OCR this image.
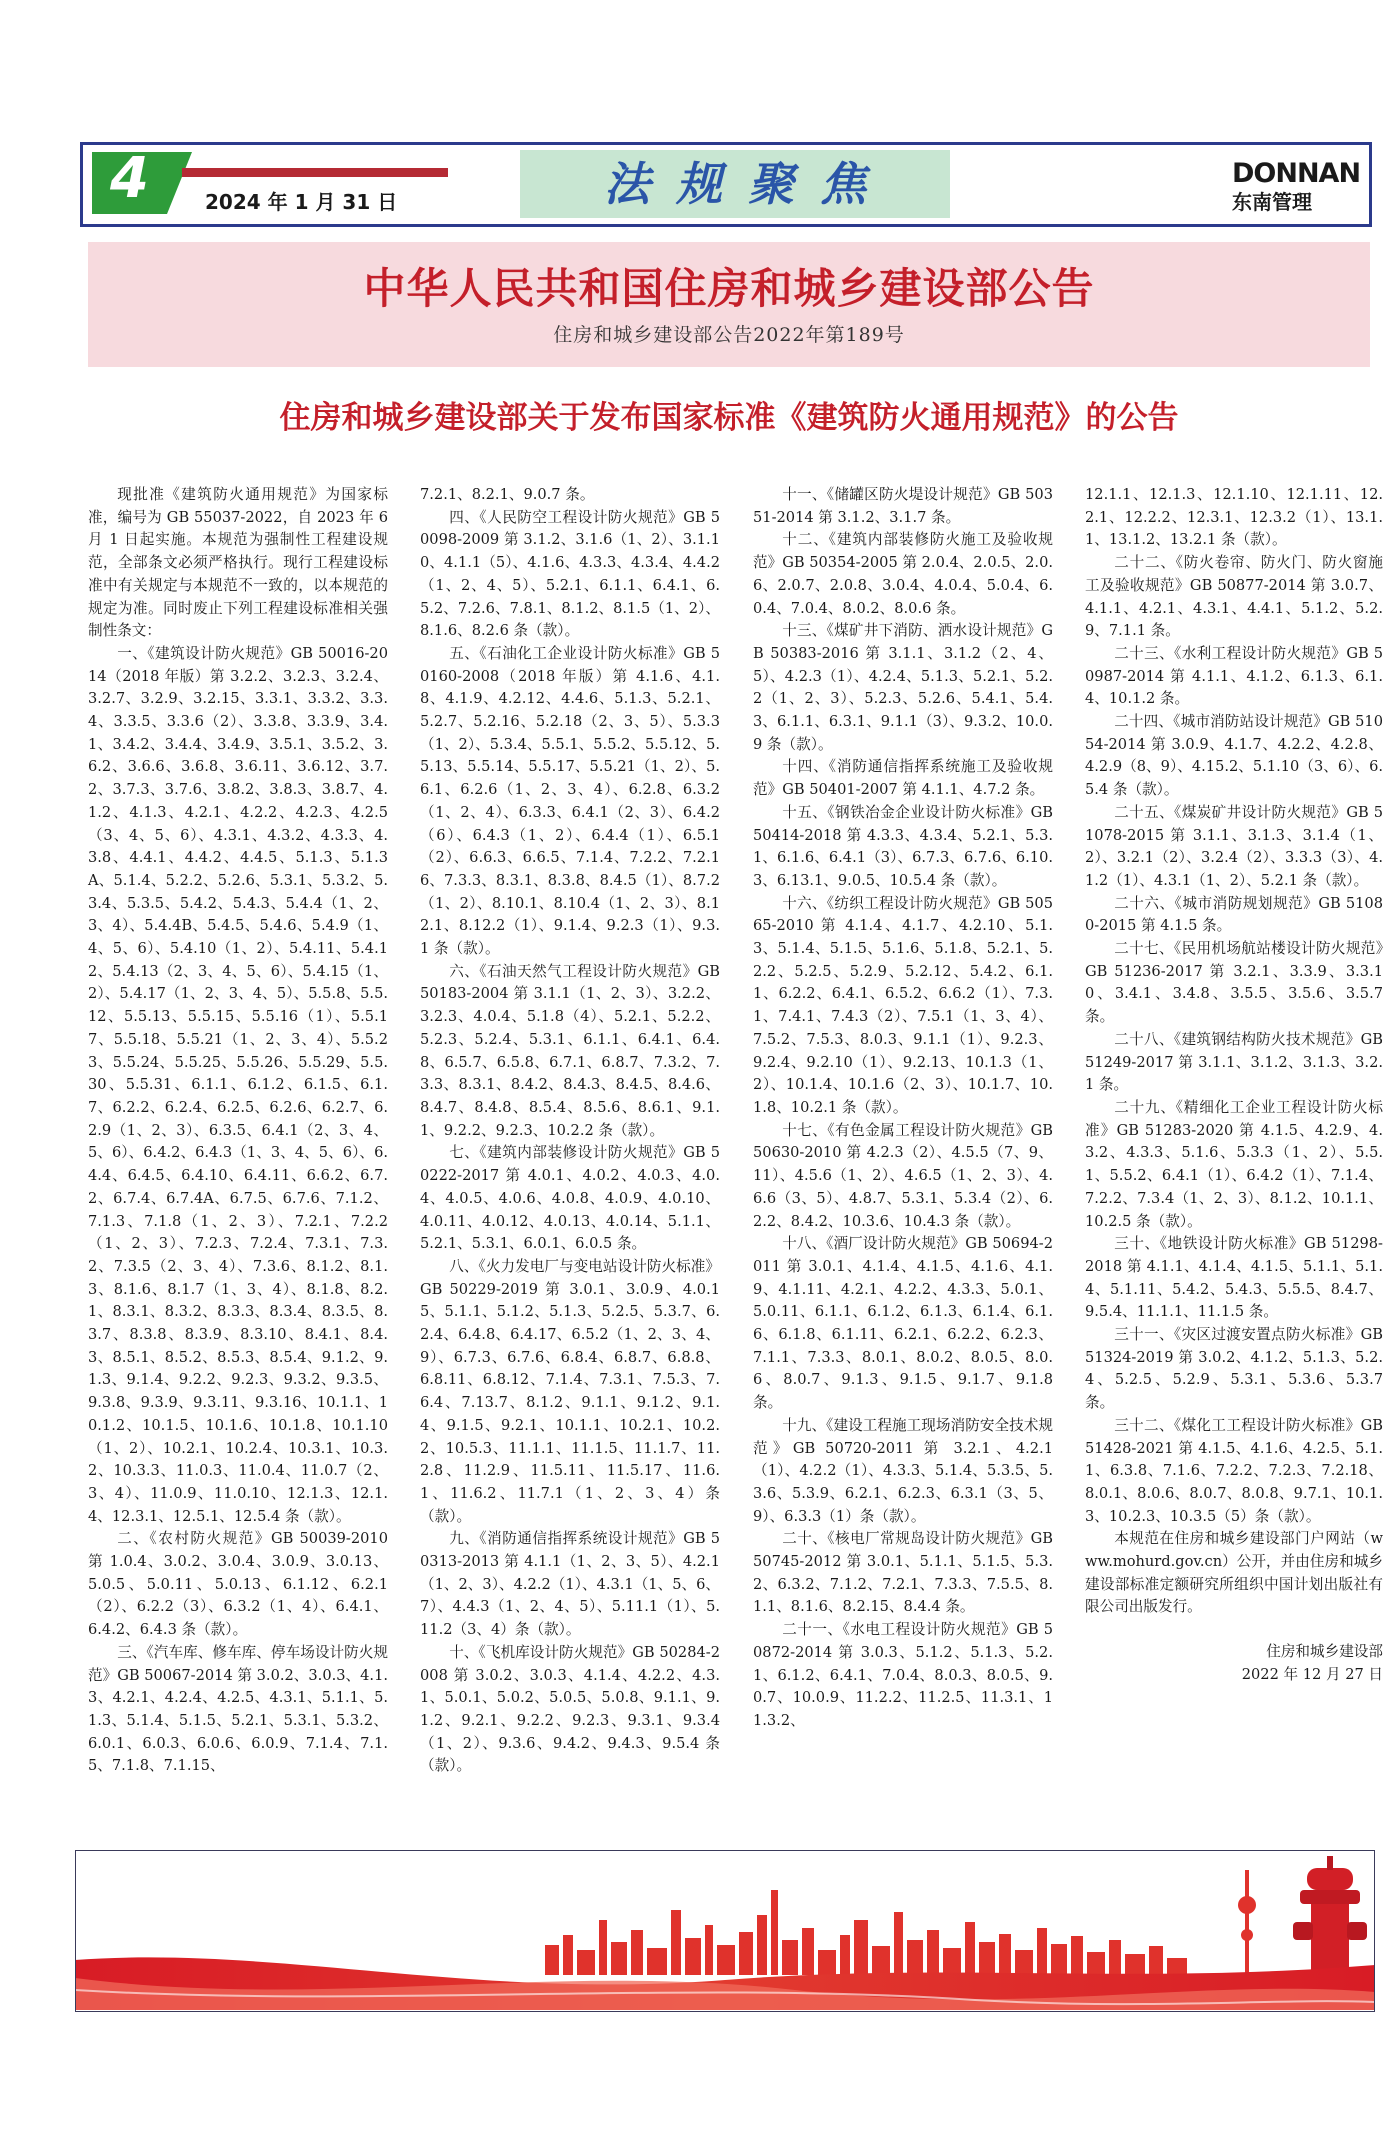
4	2024 年 1 月 31 日	法规聚焦	DONNAN
东南管理
中华人民共和国住房和城乡建设部公告
住房和城乡建设部公告2022年第189号
住房和城乡建设部关于发布国家标准《建筑防火通用规范》的公告

现批准《建筑防火通用规范》为国家标准，编号为 GB 55037-2022，自 2023 年 6 月 1 日起实施。本规范为强制性工程建设规范，全部条文必须严格执行。现行工程建设标准中有关规定与本规范不一致的，以本规范的规定为准。同时废止下列工程建设标准相关强制性条文：

一、《建筑设计防火规范》GB 50016-2014（2018 年版）第 3.2.2、3.2.3、3.2.4、3.2.7、3.2.9、3.2.15、3.3.1、3.3.2、3.3.4、3.3.5、3.3.6（2）、3.3.8、3.3.9、3.4.1、3.4.2、3.4.4、3.4.9、3.5.1、3.5.2、3.6.2、3.6.6、3.6.8、3.6.11、3.6.12、3.7.2、3.7.3、3.7.6、3.8.2、3.8.3、3.8.7、4.1.2、4.1.3、4.2.1、4.2.2、4.2.3、4.2.5（3、4、5、6）、4.3.1、4.3.2、4.3.3、4.3.8、4.4.1、4.4.2、4.4.5、5.1.3、5.1.3A、5.1.4、5.2.2、5.2.6、5.3.1、5.3.2、5.3.4、5.3.5、5.4.2、5.4.3、5.4.4（1、2、3、4）、5.4.4B、5.4.5、5.4.6、5.4.9（1、4、5、6）、5.4.10（1、2）、5.4.11、5.4.12、5.4.13（2、3、4、5、6）、5.4.15（1、2）、5.4.17（1、2、3、4、5）、5.5.8、5.5.12、5.5.13、5.5.15、5.5.16（1）、5.5.17、5.5.18、5.5.21（1、2、3、4）、5.5.23、5.5.24、5.5.25、5.5.26、5.5.29、5.5.30、5.5.31、6.1.1、6.1.2、6.1.5、6.1.7、6.2.2、6.2.4、6.2.5、6.2.6、6.2.7、6.2.9（1、2、3）、6.3.5、6.4.1（2、3、4、5、6）、6.4.2、6.4.3（1、3、4、5、6）、6.4.4、6.4.5、6.4.10、6.4.11、6.6.2、6.7.2、6.7.4、6.7.4A、6.7.5、6.7.6、7.1.2、7.1.3、7.1.8（1、2、3）、7.2.1、7.2.2（1、2、3）、7.2.3、7.2.4、7.3.1、7.3.2、7.3.5（2、3、4）、7.3.6、8.1.2、8.1.3、8.1.6、8.1.7（1、3、4）、8.1.8、8.2.1、8.3.1、8.3.2、8.3.3、8.3.4、8.3.5、8.3.7、8.3.8、8.3.9、8.3.10、8.4.1、8.4.3、8.5.1、8.5.2、8.5.3、8.5.4、9.1.2、9.1.3、9.1.4、9.2.2、9.2.3、9.3.2、9.3.5、9.3.8、9.3.9、9.3.11、9.3.16、10.1.1、10.1.2、10.1.5、10.1.6、10.1.8、10.1.10（1、2）、10.2.1、10.2.4、10.3.1、10.3.2、10.3.3、11.0.3、11.0.4、11.0.7（2、3、4）、11.0.9、11.0.10、12.1.3、12.1.4、12.3.1、12.5.1、12.5.4 条（款）。

二、《农村防火规范》GB 50039-2010 第 1.0.4、3.0.2、3.0.4、3.0.9、3.0.13、5.0.5、5.0.11、5.0.13、6.1.12、6.2.1（2）、6.2.2（3）、6.3.2（1、4）、6.4.1、6.4.2、6.4.3 条（款）。

三、《汽车库、修车库、停车场设计防火规范》GB 50067-2014 第 3.0.2、3.0.3、4.1.3、4.2.1、4.2.4、4.2.5、4.3.1、5.1.1、5.1.3、5.1.4、5.1.5、5.2.1、5.3.1、5.3.2、6.0.1、6.0.3、6.0.6、6.0.9、7.1.4、7.1.5、7.1.8、7.1.15、

7.2.1、8.2.1、9.0.7 条。

四、《人民防空工程设计防火规范》GB 50098-2009 第 3.1.2、3.1.6（1、2）、3.1.10、4.1.1（5）、4.1.6、4.3.3、4.3.4、4.4.2（1、2、4、5）、5.2.1、6.1.1、6.4.1、6.5.2、7.2.6、7.8.1、8.1.2、8.1.5（1、2）、8.1.6、8.2.6 条（款）。

五、《石油化工企业设计防火标准》GB 50160-2008（2018 年版）第 4.1.6、4.1.8、4.1.9、4.2.12、4.4.6、5.1.3、5.2.1、5.2.7、5.2.16、5.2.18（2、3、5）、5.3.3（1、2）、5.3.4、5.5.1、5.5.2、5.5.12、5.5.13、5.5.14、5.5.17、5.5.21（1、2）、5.6.1、6.2.6（1、2、3、4）、6.2.8、6.3.2（1、2、4）、6.3.3、6.4.1（2、3）、6.4.2（6）、6.4.3（1、2）、6.4.4（1）、6.5.1（2）、6.6.3、6.6.5、7.1.4、7.2.2、7.2.16、7.3.3、8.3.1、8.3.8、8.4.5（1）、8.7.2（1、2）、8.10.1、8.10.4（1、2、3）、8.12.1、8.12.2（1）、9.1.4、9.2.3（1）、9.3.1 条（款）。

六、《石油天然气工程设计防火规范》GB 50183-2004 第 3.1.1（1、2、3）、3.2.2、3.2.3、4.0.4、5.1.8（4）、5.2.1、5.2.2、5.2.3、5.2.4、5.3.1、6.1.1、6.4.1、6.4.8、6.5.7、6.5.8、6.7.1、6.8.7、7.3.2、7.3.3、8.3.1、8.4.2、8.4.3、8.4.5、8.4.6、8.4.7、8.4.8、8.5.4、8.5.6、8.6.1、9.1.1、9.2.2、9.2.3、10.2.2 条（款）。

七、《建筑内部装修设计防火规范》GB 50222-2017 第 4.0.1、4.0.2、4.0.3、4.0.4、4.0.5、4.0.6、4.0.8、4.0.9、4.0.10、4.0.11、4.0.12、4.0.13、4.0.14、5.1.1、5.2.1、5.3.1、6.0.1、6.0.5 条。

八、《火力发电厂与变电站设计防火标准》GB 50229-2019 第 3.0.1、3.0.9、4.0.15、5.1.1、5.1.2、5.1.3、5.2.5、5.3.7、6.2.4、6.4.8、6.4.17、6.5.2（1、2、3、4、9）、6.7.3、6.7.6、6.8.4、6.8.7、6.8.8、6.8.11、6.8.12、7.1.4、7.3.1、7.5.3、7.6.4、7.13.7、8.1.2、9.1.1、9.1.2、9.1.4、9.1.5、9.2.1、10.1.1、10.2.1、10.2.2、10.5.3、11.1.1、11.1.5、11.1.7、11.2.8、11.2.9、11.5.11、11.5.17、11.6.1、11.6.2、11.7.1（1、2、3、4）条（款）。

九、《消防通信指挥系统设计规范》GB 50313-2013 第 4.1.1（1、2、3、5）、4.2.1（1、2、3）、4.2.2（1）、4.3.1（1、5、6、7）、4.4.3（1、2、4、5）、5.11.1（1）、5.11.2（3、4）条（款）。

十、《飞机库设计防火规范》GB 50284-2008 第 3.0.2、3.0.3、4.1.4、4.2.2、4.3.1、5.0.1、5.0.2、5.0.5、5.0.8、9.1.1、9.1.2、9.2.1、9.2.2、9.2.3、9.3.1、9.3.4（1、2）、9.3.6、9.4.2、9.4.3、9.5.4 条（款）。

十一、《储罐区防火堤设计规范》GB 50351-2014 第 3.1.2、3.1.7 条。

十二、《建筑内部装修防火施工及验收规范》GB 50354-2005 第 2.0.4、2.0.5、2.0.6、2.0.7、2.0.8、3.0.4、4.0.4、5.0.4、6.0.4、7.0.4、8.0.2、8.0.6 条。

十三、《煤矿井下消防、洒水设计规范》GB 50383-2016 第 3.1.1、3.1.2（2、4、5）、4.2.3（1）、4.2.4、5.1.3、5.2.1、5.2.2（1、2、3）、5.2.3、5.2.6、5.4.1、5.4.3、6.1.1、6.3.1、9.1.1（3）、9.3.2、10.0.9 条（款）。

十四、《消防通信指挥系统施工及验收规范》GB 50401-2007 第 4.1.1、4.7.2 条。

十五、《钢铁冶金企业设计防火标准》GB 50414-2018 第 4.3.3、4.3.4、5.2.1、5.3.1、6.1.6、6.4.1（3）、6.7.3、6.7.6、6.10.3、6.13.1、9.0.5、10.5.4 条（款）。

十六、《纺织工程设计防火规范》GB 50565-2010 第 4.1.4、4.1.7、4.2.10、5.1.3、5.1.4、5.1.5、5.1.6、5.1.8、5.2.1、5.2.2、5.2.5、5.2.9、5.2.12、5.4.2、6.1.1、6.2.2、6.4.1、6.5.2、6.6.2（1）、7.3.1、7.4.1、7.4.3（2）、7.5.1（1、3、4）、7.5.2、7.5.3、8.0.3、9.1.1（1）、9.2.3、9.2.4、9.2.10（1）、9.2.13、10.1.3（1、2）、10.1.4、10.1.6（2、3）、10.1.7、10.1.8、10.2.1 条（款）。

十七、《有色金属工程设计防火规范》GB 50630-2010 第 4.2.3（2）、4.5.5（7、9、11）、4.5.6（1、2）、4.6.5（1、2、3）、4.6.6（3、5）、4.8.7、5.3.1、5.3.4（2）、6.2.2、8.4.2、10.3.6、10.4.3 条（款）。

十八、《酒厂设计防火规范》GB 50694-2011 第 3.0.1、4.1.4、4.1.5、4.1.6、4.1.9、4.1.11、4.2.1、4.2.2、4.3.3、5.0.1、5.0.11、6.1.1、6.1.2、6.1.3、6.1.4、6.1.6、6.1.8、6.1.11、6.2.1、6.2.2、6.2.3、7.1.1、7.3.3、8.0.1、8.0.2、8.0.5、8.0.6、8.0.7、9.1.3、9.1.5、9.1.7、9.1.8 条。

十九、《建设工程施工现场消防安全技术规范》GB 50720-2011 第 3.2.1、4.2.1（1）、4.2.2（1）、4.3.3、5.1.4、5.3.5、5.3.6、5.3.9、6.2.1、6.2.3、6.3.1（3、5、9）、6.3.3（1）条（款）。

二十、《核电厂常规岛设计防火规范》GB 50745-2012 第 3.0.1、5.1.1、5.1.5、5.3.2、6.3.2、7.1.2、7.2.1、7.3.3、7.5.5、8.1.1、8.1.6、8.2.15、8.4.4 条。

二十一、《水电工程设计防火规范》GB 50872-2014 第 3.0.3、5.1.2、5.1.3、5.2.1、6.1.2、6.4.1、7.0.4、8.0.3、8.0.5、9.0.7、10.0.9、11.2.2、11.2.5、11.3.1、11.3.2、

12.1.1、12.1.3、12.1.10、12.1.11、12.2.1、12.2.2、12.3.1、12.3.2（1）、13.1.1、13.1.2、13.2.1 条（款）。

二十二、《防火卷帘、防火门、防火窗施工及验收规范》GB 50877-2014 第 3.0.7、4.1.1、4.2.1、4.3.1、4.4.1、5.1.2、5.2.9、7.1.1 条。

二十三、《水利工程设计防火规范》GB 50987-2014 第 4.1.1、4.1.2、6.1.3、6.1.4、10.1.2 条。

二十四、《城市消防站设计规范》GB 51054-2014 第 3.0.9、4.1.7、4.2.2、4.2.8、4.2.9（8、9）、4.15.2、5.1.10（3、6）、6.5.4 条（款）。

二十五、《煤炭矿井设计防火规范》GB 51078-2015 第 3.1.1、3.1.3、3.1.4（1、2）、3.2.1（2）、3.2.4（2）、3.3.3（3）、4.1.2（1）、4.3.1（1、2）、5.2.1 条（款）。

二十六、《城市消防规划规范》GB 51080-2015 第 4.1.5 条。

二十七、《民用机场航站楼设计防火规范》GB 51236-2017 第 3.2.1、3.3.9、3.3.10、3.4.1、3.4.8、3.5.5、3.5.6、3.5.7 条。

二十八、《建筑钢结构防火技术规范》GB 51249-2017 第 3.1.1、3.1.2、3.1.3、3.2.1 条。

二十九、《精细化工企业工程设计防火标准》GB 51283-2020 第 4.1.5、4.2.9、4.3.2、4.3.3、5.1.6、5.3.3（1、2）、5.5.1、5.5.2、6.4.1（1）、6.4.2（1）、7.1.4、7.2.2、7.3.4（1、2、3）、8.1.2、10.1.1、10.2.5 条（款）。

三十、《地铁设计防火标准》GB 51298-2018 第 4.1.1、4.1.4、4.1.5、5.1.1、5.1.4、5.1.11、5.4.2、5.4.3、5.5.5、8.4.7、9.5.4、11.1.1、11.1.5 条。

三十一、《灾区过渡安置点防火标准》GB 51324-2019 第 3.0.2、4.1.2、5.1.3、5.2.4、5.2.5、5.2.9、5.3.1、5.3.6、5.3.7 条。

三十二、《煤化工工程设计防火标准》GB 51428-2021 第 4.1.5、4.1.6、4.2.5、5.1.1、6.3.8、7.1.6、7.2.2、7.2.3、7.2.18、8.0.1、8.0.6、8.0.7、8.0.8、9.7.1、10.1.3、10.2.3、10.3.5（5）条（款）。

本规范在住房和城乡建设部门户网站（www.mohurd.gov.cn）公开，并由住房和城乡建设部标准定额研究所组织中国计划出版社有限公司出版发行。

住房和城乡建设部

2022 年 12 月 27 日
